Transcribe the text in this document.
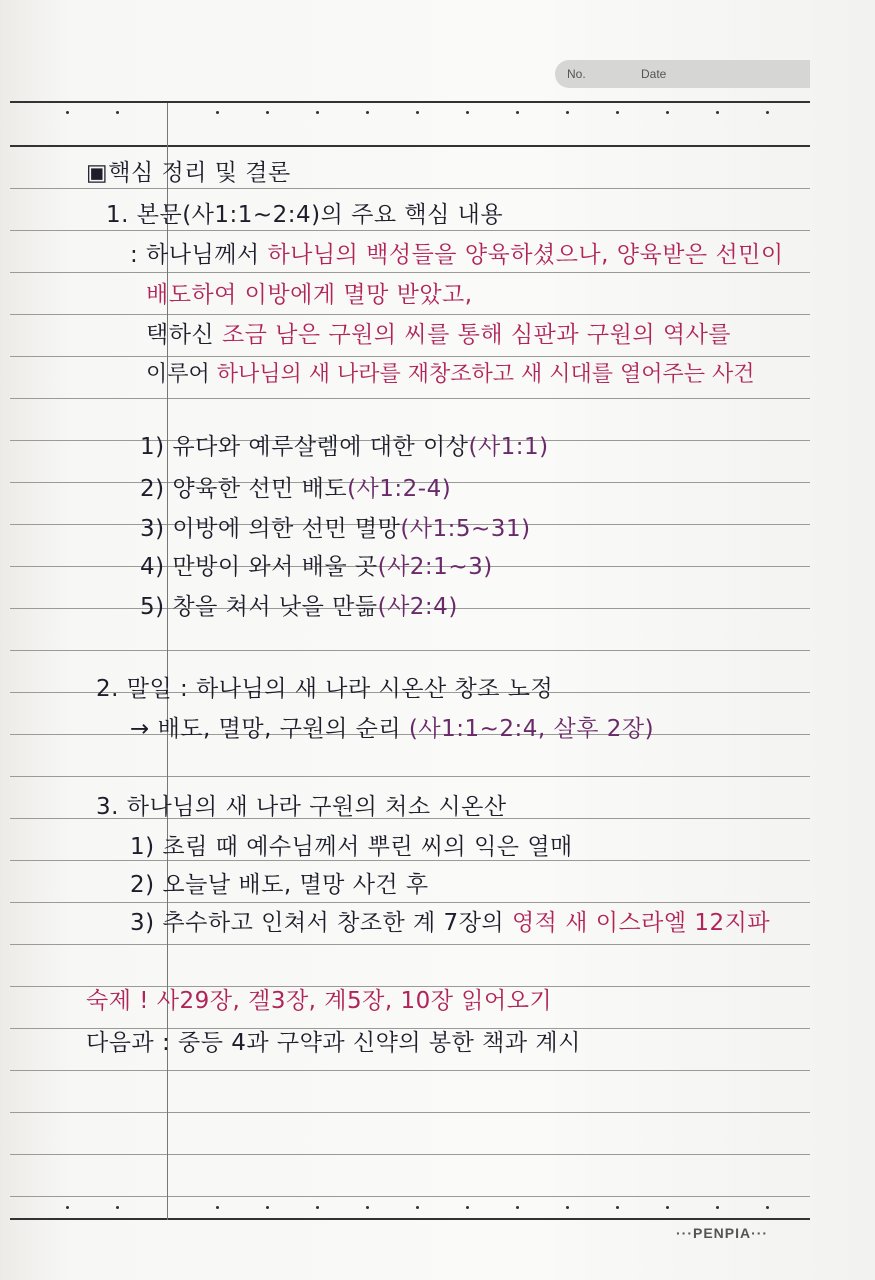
No.	Date
▣핵심 정리 및 결론
1. 본문(사1:1~2:4)의 주요 핵심 내용
: 하나님께서 하나님의 백성들을 양육하셨으나, 양육받은 선민이
배도하여 이방에게 멸망 받았고,
택하신 조금 남은 구원의 씨를 통해 심판과 구원의 역사를
이루어 하나님의 새 나라를 재창조하고 새 시대를 열어주는 사건
1) 유다와 예루살렘에 대한 이상(사1:1)
2) 양육한 선민 배도(사1:2-4)
3) 이방에 의한 선민 멸망(사1:5~31)
4) 만방이 와서 배울 곳(사2:1~3)
5) 창을 쳐서 낫을 만듦(사2:4)
2. 말일 : 하나님의 새 나라 시온산 창조 노정
→ 배도, 멸망, 구원의 순리 (사1:1~2:4, 살후 2장)
3. 하나님의 새 나라 구원의 처소 시온산
1) 초림 때 예수님께서 뿌린 씨의 익은 열매
2) 오늘날 배도, 멸망 사건 후
3) 추수하고 인쳐서 창조한 계 7장의 영적 새 이스라엘 12지파
숙제 ! 사29장, 겔3장, 계5장, 10장 읽어오기
다음과 : 중등 4과 구약과 신약의 봉한 책과 계시
···PENPIA···
